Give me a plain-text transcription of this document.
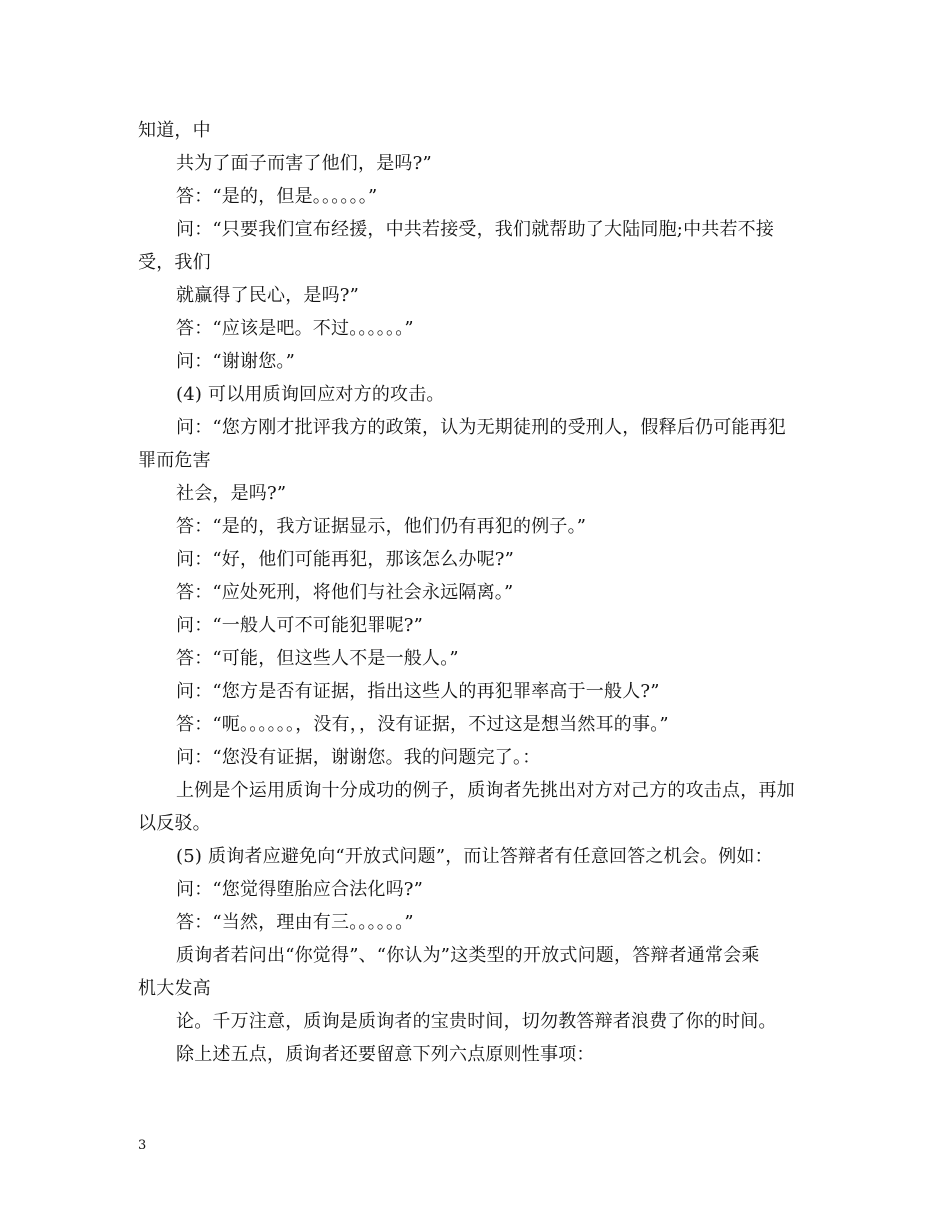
知道，中
共为了面子而害了他们，是吗?”
答：“是的，但是。。。。。。”
问：“只要我们宣布经援，中共若接受，我们就帮助了大陆同胞;中共若不接
受，我们
就赢得了民心，是吗?”
答：“应该是吧。不过。。。。。。”
问：“谢谢您。”
(4) 可以用质询回应对方的攻击。
问：“您方刚才批评我方的政策，认为无期徒刑的受刑人，假释后仍可能再犯
罪而危害
社会，是吗?”
答：“是的，我方证据显示，他们仍有再犯的例子。”
问：“好，他们可能再犯，那该怎么办呢?”
答：“应处死刑，将他们与社会永远隔离。”
问：“一般人可不可能犯罪呢?”
答：“可能，但这些人不是一般人。”
问：“您方是否有证据，指出这些人的再犯罪率高于一般人?”
答：“呃。。。。。。，没有，，没有证据，不过这是想当然耳的事。”
问：“您没有证据，谢谢您。我的问题完了。：
上例是个运用质询十分成功的例子，质询者先挑出对方对己方的攻击点，再加
以反驳。
(5) 质询者应避免向“开放式问题”，而让答辩者有任意回答之机会。例如：
问：“您觉得堕胎应合法化吗?”
答：“当然，理由有三。。。。。。”
质询者若问出“你觉得”、“你认为”这类型的开放式问题，答辩者通常会乘
机大发高
论。千万注意，质询是质询者的宝贵时间，切勿教答辩者浪费了你的时间。
除上述五点，质询者还要留意下列六点原则性事项：
3
